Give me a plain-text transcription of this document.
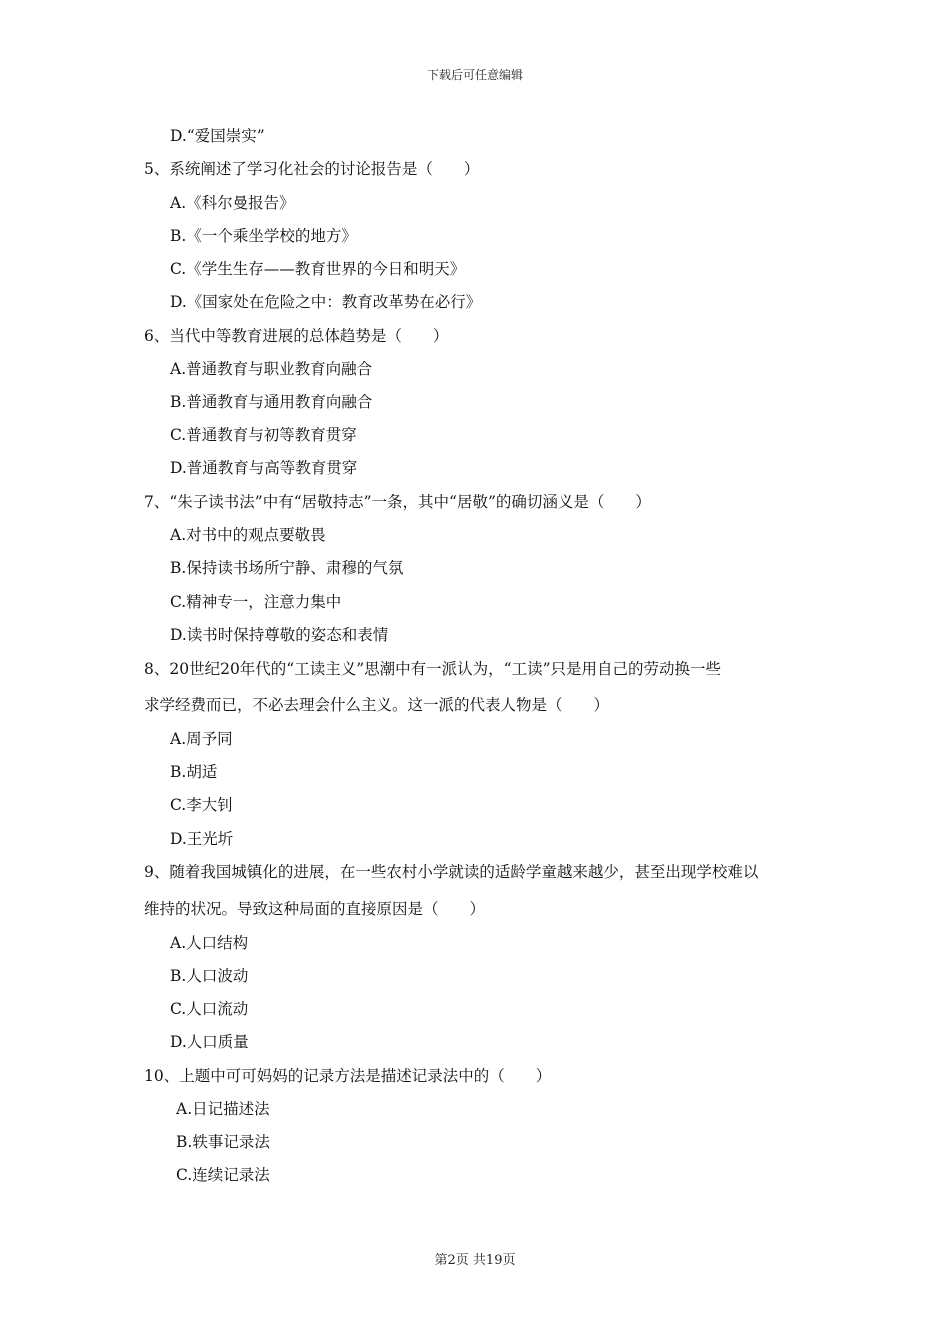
下载后可任意编辑
D.“爱国崇实”
5、系统阐述了学习化社会的讨论报告是（　　）
A.《科尔曼报告》
B.《一个乘坐学校的地方》
C.《学生生存——教育世界的今日和明天》
D.《国家处在危险之中：教育改革势在必行》
6、当代中等教育进展的总体趋势是（　　）
A.普通教育与职业教育向融合
B.普通教育与通用教育向融合
C.普通教育与初等教育贯穿
D.普通教育与高等教育贯穿
7、“朱子读书法”中有“居敬持志”一条，其中“居敬”的确切涵义是（　　）
A.对书中的观点要敬畏
B.保持读书场所宁静、肃穆的气氛
C.精神专一，注意力集中
D.读书时保持尊敬的姿态和表情
8、20世纪20年代的“工读主义”思潮中有一派认为，“工读”只是用自己的劳动换一些
求学经费而已，不必去理会什么主义。这一派的代表人物是（　　）
A.周予同
B.胡适
C.李大钊
D.王光圻
9、随着我国城镇化的进展，在一些农村小学就读的适龄学童越来越少，甚至出现学校难以
维持的状况。导致这种局面的直接原因是（　　）
A.人口结构
B.人口波动
C.人口流动
D.人口质量
10、上题中可可妈妈的记录方法是描述记录法中的（　　）
A.日记描述法
B.轶事记录法
C.连续记录法
第2页 共19页
